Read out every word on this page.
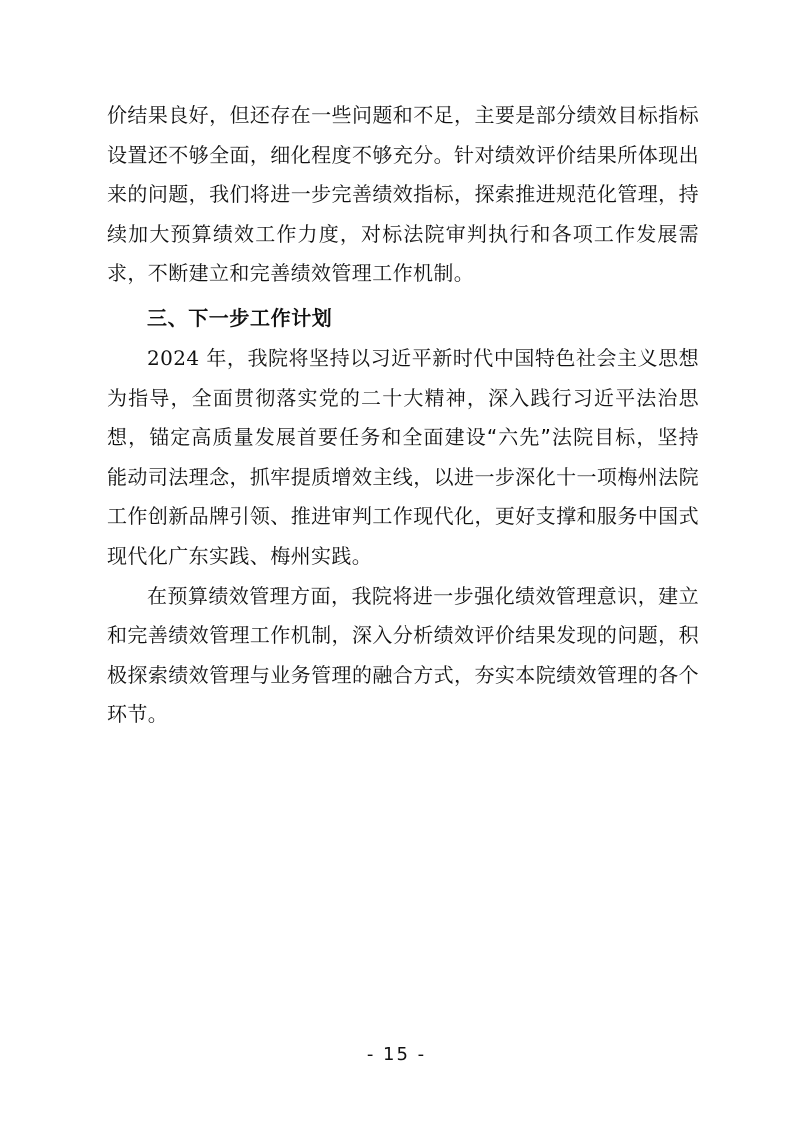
价结果良好，但还存在一些问题和不足，主要是部分绩效目标指标设置还不够全面，细化程度不够充分。针对绩效评价结果所体现出来的问题，我们将进一步完善绩效指标，探索推进规范化管理，持续加大预算绩效工作力度，对标法院审判执行和各项工作发展需求，不断建立和完善绩效管理工作机制。

三、下一步工作计划

2024 年，我院将坚持以习近平新时代中国特色社会主义思想为指导，全面贯彻落实党的二十大精神，深入践行习近平法治思想，锚定高质量发展首要任务和全面建设“六先”法院目标，坚持能动司法理念，抓牢提质增效主线，以进一步深化十一项梅州法院工作创新品牌引领、推进审判工作现代化，更好支撑和服务中国式现代化广东实践、梅州实践。

在预算绩效管理方面，我院将进一步强化绩效管理意识，建立和完善绩效管理工作机制，深入分析绩效评价结果发现的问题，积极探索绩效管理与业务管理的融合方式，夯实本院绩效管理的各个环节。

- 15 -
